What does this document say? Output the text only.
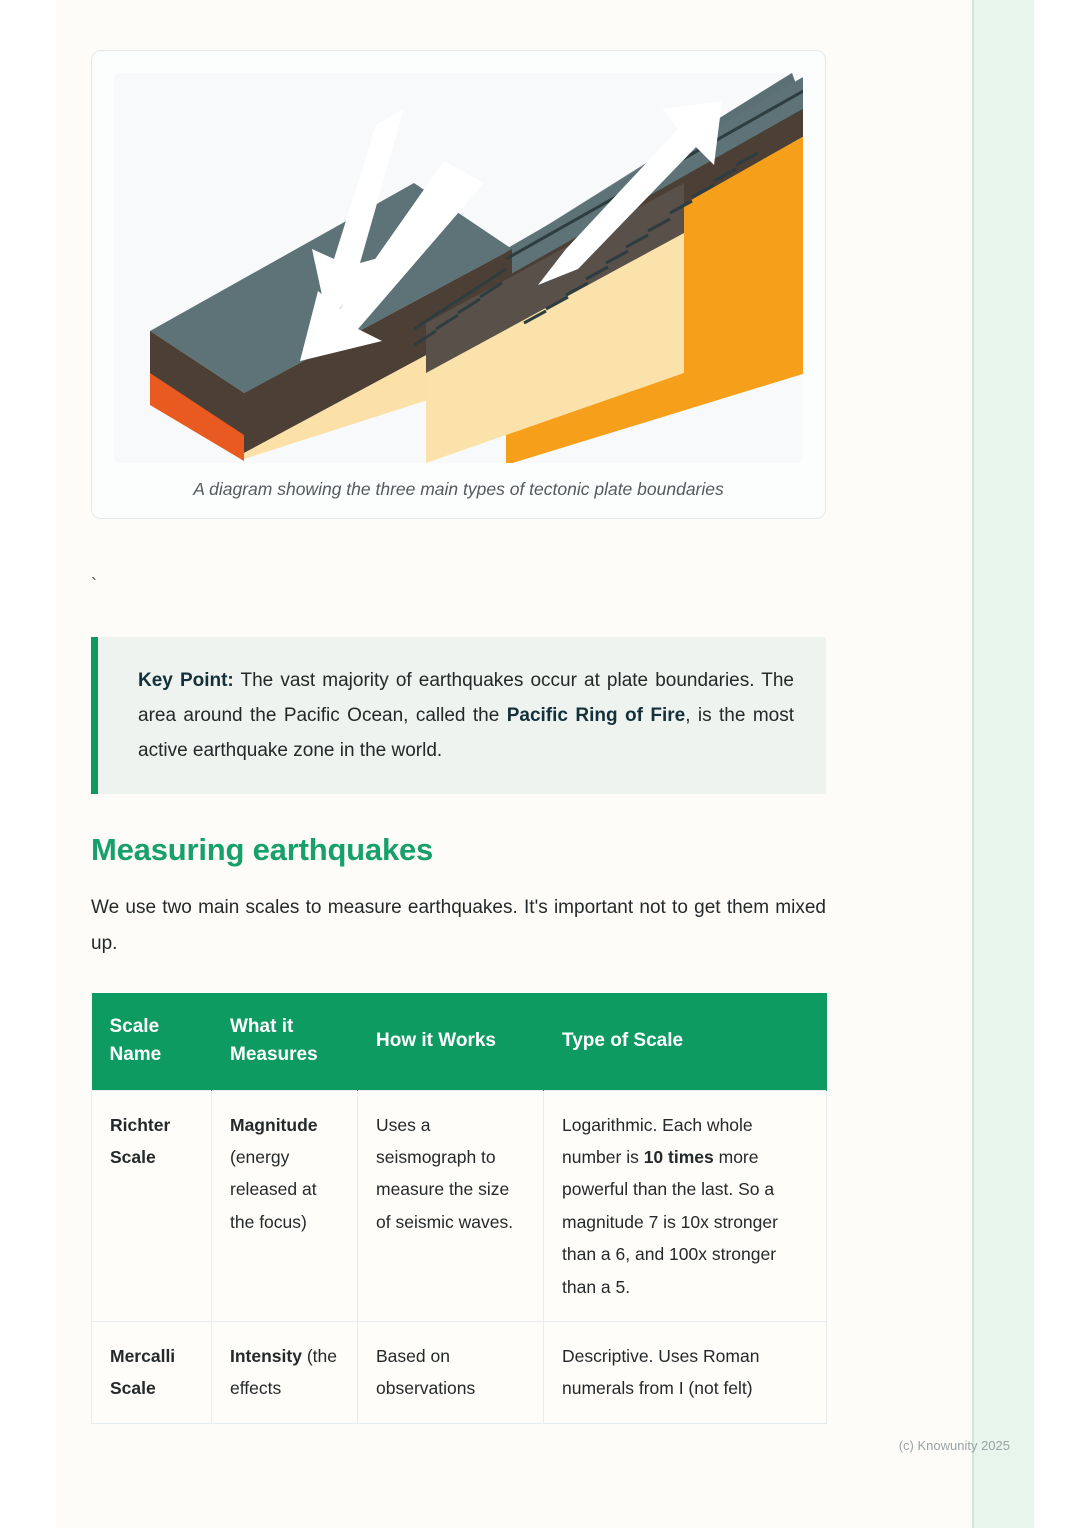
A diagram showing the three main types of tectonic plate boundaries
`

Key Point: The vast majority of earthquakes occur at plate boundaries. The area around the Pacific Ocean, called the Pacific Ring of Fire, is the most active earthquake zone in the world.

Measuring earthquakes

We use two main scales to measure earthquakes. It's important not to get them mixed up.

Scale Name	What it Measures	How it Works	Type of Scale
Richter Scale	Magnitude (energy released at the focus)	Uses a seismograph to measure the size of seismic waves.	Logarithmic. Each whole number is 10 times more powerful than the last. So a magnitude 7 is 10x stronger than a 6, and 100x stronger than a 5.
Mercalli Scale	Intensity (the effects	Based on observations	Descriptive. Uses Roman numerals from I (not felt)
(c) Knowunity 2025
